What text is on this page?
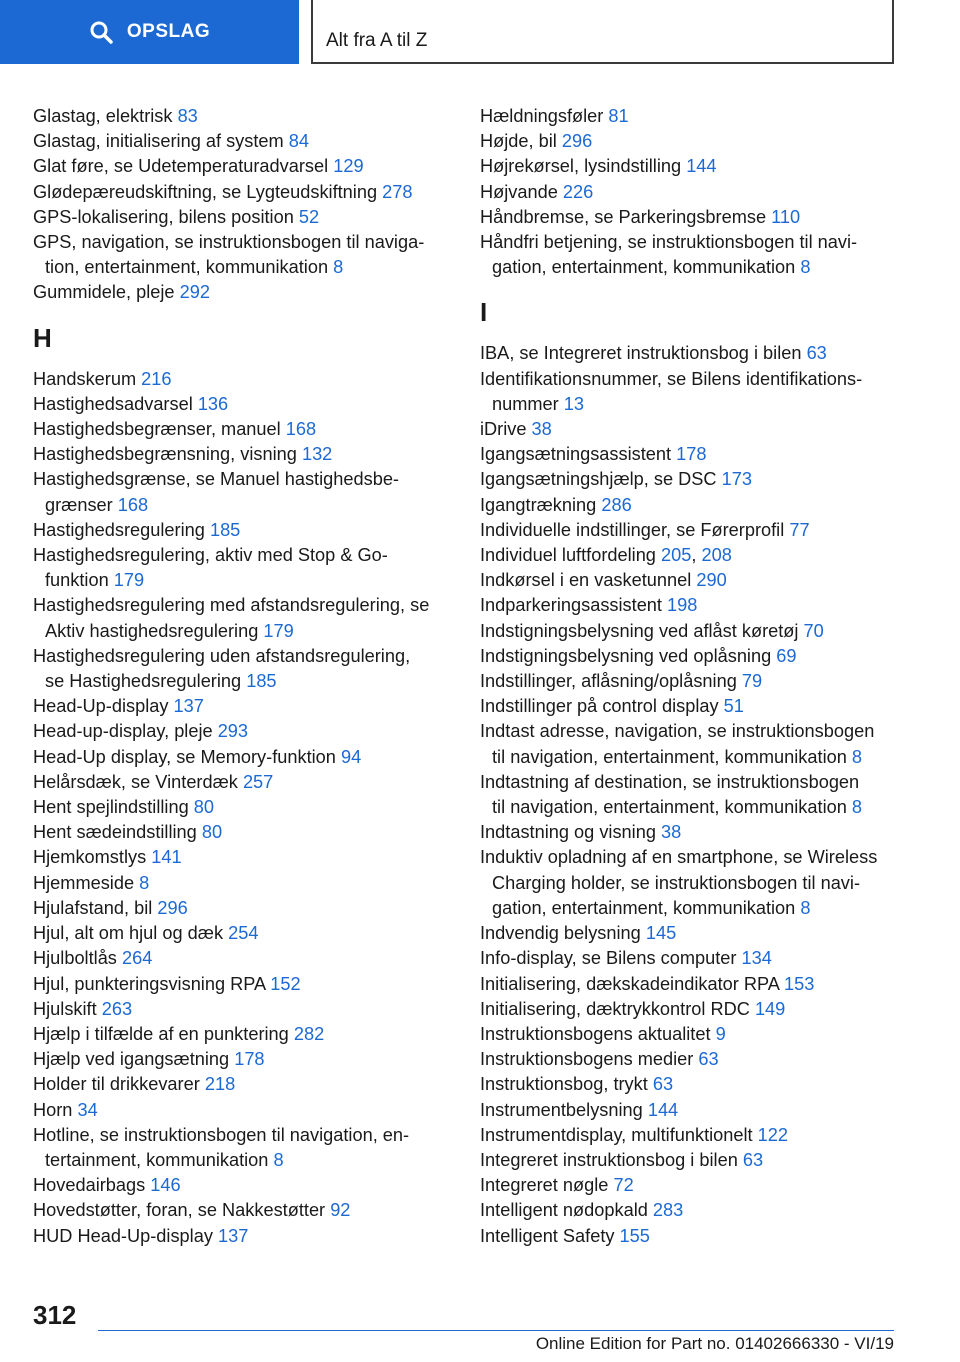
OPSLAG	Alt fra A til Z
Glastag, elektrisk 83
Glastag, initialisering af system 84
Glat føre, se Udetemperaturadvarsel 129
Glødepæreudskiftning, se Lygteudskiftning 278
GPS-lokalisering, bilens position 52
GPS, navigation, se instruktionsbogen til naviga-
tion, entertainment, kommunikation 8
Gummidele, pleje 292
H
Handskerum 216
Hastighedsadvarsel 136
Hastighedsbegrænser, manuel 168
Hastighedsbegrænsning, visning 132
Hastighedsgrænse, se Manuel hastighedsbe-
grænser 168
Hastighedsregulering 185
Hastighedsregulering, aktiv med Stop & Go-
funktion 179
Hastighedsregulering med afstandsregulering, se
Aktiv hastighedsregulering 179
Hastighedsregulering uden afstandsregulering,
se Hastighedsregulering 185
Head-Up-display 137
Head-up-display, pleje 293
Head-Up display, se Memory-funktion 94
Helårsdæk, se Vinterdæk 257
Hent spejlindstilling 80
Hent sædeindstilling 80
Hjemkomstlys 141
Hjemmeside 8
Hjulafstand, bil 296
Hjul, alt om hjul og dæk 254
Hjulboltlås 264
Hjul, punkteringsvisning RPA 152
Hjulskift 263
Hjælp i tilfælde af en punktering 282
Hjælp ved igangsætning 178
Holder til drikkevarer 218
Horn 34
Hotline, se instruktionsbogen til navigation, en-
tertainment, kommunikation 8
Hovedairbags 146
Hovedstøtter, foran, se Nakkestøtter 92
HUD Head-Up-display 137
Hældningsføler 81
Højde, bil 296
Højrekørsel, lysindstilling 144
Højvande 226
Håndbremse, se Parkeringsbremse 110
Håndfri betjening, se instruktionsbogen til navi-
gation, entertainment, kommunikation 8
I
IBA, se Integreret instruktionsbog i bilen 63
Identifikationsnummer, se Bilens identifikations-
nummer 13
iDrive 38
Igangsætningsassistent 178
Igangsætningshjælp, se DSC 173
Igangtrækning 286
Individuelle indstillinger, se Førerprofil 77
Individuel luftfordeling 205, 208
Indkørsel i en vasketunnel 290
Indparkeringsassistent 198
Indstigningsbelysning ved aflåst køretøj 70
Indstigningsbelysning ved oplåsning 69
Indstillinger, aflåsning/oplåsning 79
Indstillinger på control display 51
Indtast adresse, navigation, se instruktionsbogen
til navigation, entertainment, kommunikation 8
Indtastning af destination, se instruktionsbogen
til navigation, entertainment, kommunikation 8
Indtastning og visning 38
Induktiv opladning af en smartphone, se Wireless
Charging holder, se instruktionsbogen til navi-
gation, entertainment, kommunikation 8
Indvendig belysning 145
Info-display, se Bilens computer 134
Initialisering, dækskadeindikator RPA 153
Initialisering, dæktrykkontrol RDC 149
Instruktionsbogens aktualitet 9
Instruktionsbogens medier 63
Instruktionsbog, trykt 63
Instrumentbelysning 144
Instrumentdisplay, multifunktionelt 122
Integreret instruktionsbog i bilen 63
Integreret nøgle 72
Intelligent nødopkald 283
Intelligent Safety 155
312
Online Edition for Part no. 01402666330 - VI/19
